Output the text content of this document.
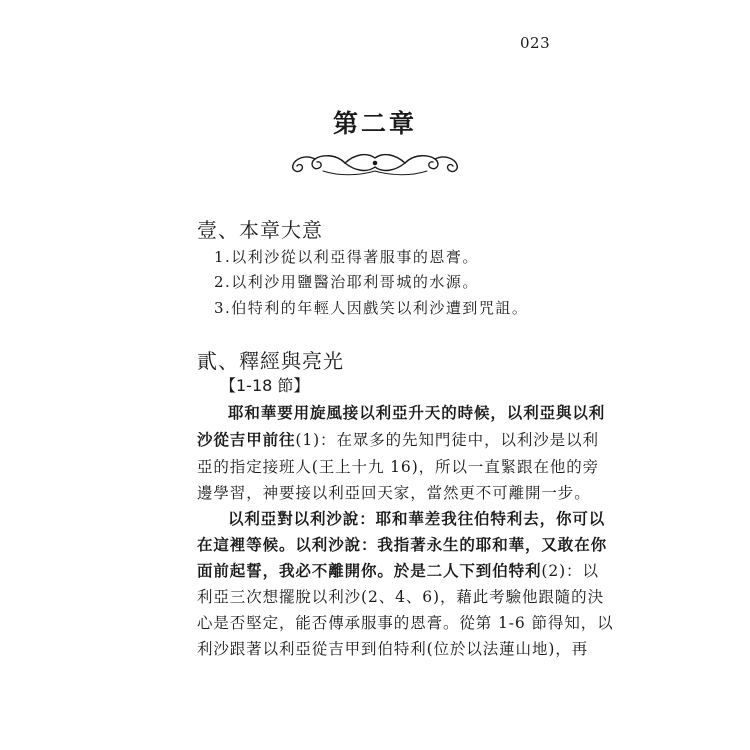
023
第二章
壹、本章大意
1.以利沙從以利亞得著服事的恩膏。
2.以利沙用鹽醫治耶利哥城的水源。
3.伯特利的年輕人因戲笑以利沙遭到咒詛。
貳、釋經與亮光
【1-18 節】
耶和華要用旋風接以利亞升天的時候，以利亞與以利
沙從吉甲前往(1)：在眾多的先知門徒中，以利沙是以利
亞的指定接班人(王上十九 16)，所以一直緊跟在他的旁
邊學習，神要接以利亞回天家，當然更不可離開一步。
以利亞對以利沙說：耶和華差我往伯特利去，你可以
在這裡等候。以利沙說：我指著永生的耶和華，又敢在你
面前起誓，我必不離開你。於是二人下到伯特利(2)：以
利亞三次想擺脫以利沙(2、4、6)，藉此考驗他跟隨的決
心是否堅定，能否傳承服事的恩膏。從第 1-6 節得知，以
利沙跟著以利亞從吉甲到伯特利(位於以法蓮山地)，再
